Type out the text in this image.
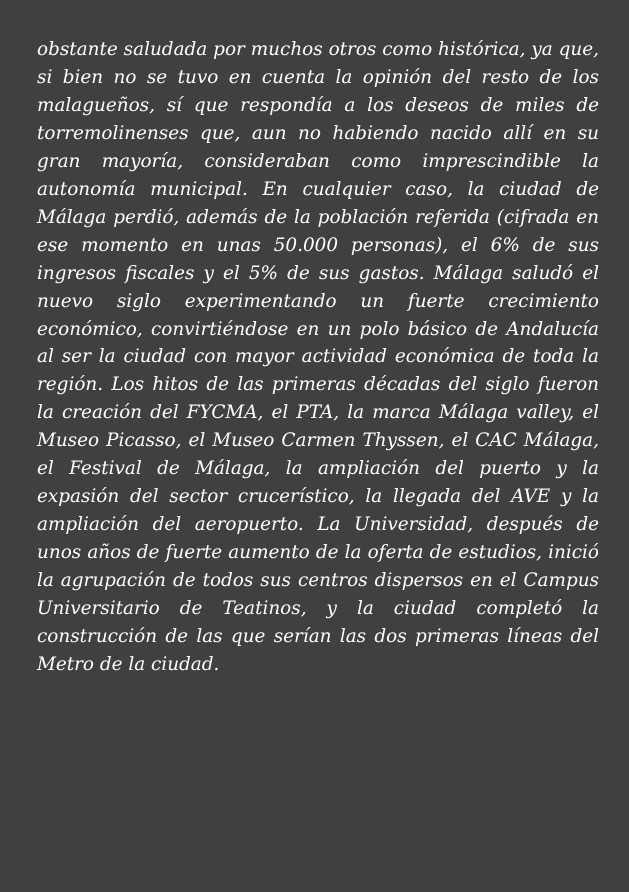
obstante saludada por muchos otros como histórica, ya que, si bien no se tuvo en cuenta la opinión del resto de los malagueños, sí que respondía a los deseos de miles de torremolinenses que, aun no habiendo nacido allí en su gran mayoría, consideraban como imprescindible la autonomía municipal. En cualquier caso, la ciudad de Málaga perdió, además de la población referida (cifrada en ese momento en unas 50.000 personas), el 6% de sus ingresos fiscales y el 5% de sus gastos. Málaga saludó el nuevo siglo experimentando un fuerte crecimiento económico, convirtiéndose en un polo básico de Andalucía al ser la ciudad con mayor actividad económica de toda la región. Los hitos de las primeras décadas del siglo fueron la creación del FYCMA, el PTA, la marca Málaga valley, el Museo Picasso, el Museo Carmen Thyssen, el CAC Málaga, el Festival de Málaga, la ampliación del puerto y la expasión del sector crucerístico, la llegada del AVE y la ampliación del aeropuerto. La Universidad, después de unos años de fuerte aumento de la oferta de estudios, inició la agrupación de todos sus centros dispersos en el Campus Universitario de Teatinos, y la ciudad completó la construcción de las que serían las dos primeras líneas del Metro de la ciudad.
